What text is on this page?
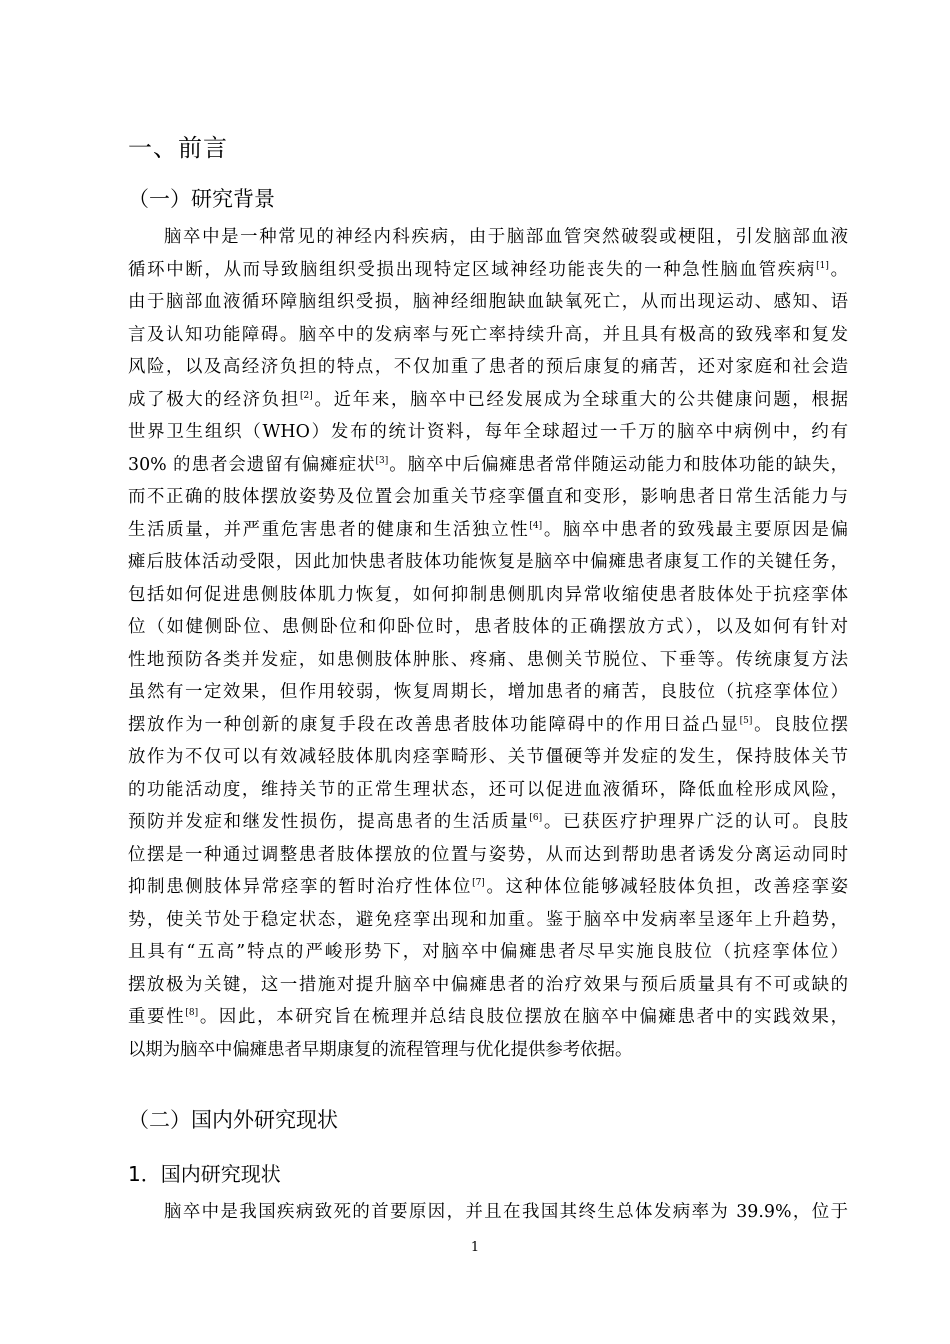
一、前言
（一）研究背景
脑卒中是一种常见的神经内科疾病，由于脑部血管突然破裂或梗阻，引发脑部血液
循环中断，从而导致脑组织受损出现特定区域神经功能丧失的一种急性脑血管疾病[1]。
由于脑部血液循环障脑组织受损，脑神经细胞缺血缺氧死亡，从而出现运动、感知、语
言及认知功能障碍。脑卒中的发病率与死亡率持续升高，并且具有极高的致残率和复发
风险，以及高经济负担的特点，不仅加重了患者的预后康复的痛苦，还对家庭和社会造
成了极大的经济负担[2]。近年来，脑卒中已经发展成为全球重大的公共健康问题，根据
世界卫生组织（WHO）发布的统计资料，每年全球超过一千万的脑卒中病例中，约有
30% 的患者会遗留有偏瘫症状[3]。脑卒中后偏瘫患者常伴随运动能力和肢体功能的缺失，
而不正确的肢体摆放姿势及位置会加重关节痉挛僵直和变形，影响患者日常生活能力与
生活质量，并严重危害患者的健康和生活独立性[4]。脑卒中患者的致残最主要原因是偏
瘫后肢体活动受限，因此加快患者肢体功能恢复是脑卒中偏瘫患者康复工作的关键任务，
包括如何促进患侧肢体肌力恢复，如何抑制患侧肌肉异常收缩使患者肢体处于抗痉挛体
位（如健侧卧位、患侧卧位和仰卧位时，患者肢体的正确摆放方式），以及如何有针对
性地预防各类并发症，如患侧肢体肿胀、疼痛、患侧关节脱位、下垂等。传统康复方法
虽然有一定效果，但作用较弱，恢复周期长，增加患者的痛苦，良肢位（抗痉挛体位）
摆放作为一种创新的康复手段在改善患者肢体功能障碍中的作用日益凸显[5]。良肢位摆
放作为不仅可以有效减轻肢体肌肉痉挛畸形、关节僵硬等并发症的发生，保持肢体关节
的功能活动度，维持关节的正常生理状态，还可以促进血液循环，降低血栓形成风险，
预防并发症和继发性损伤，提高患者的生活质量[6]。已获医疗护理界广泛的认可。良肢
位摆是一种通过调整患者肢体摆放的位置与姿势，从而达到帮助患者诱发分离运动同时
抑制患侧肢体异常痉挛的暂时治疗性体位[7]。这种体位能够减轻肢体负担，改善痉挛姿
势，使关节处于稳定状态，避免痉挛出现和加重。鉴于脑卒中发病率呈逐年上升趋势，
且具有“五高”特点的严峻形势下，对脑卒中偏瘫患者尽早实施良肢位（抗痉挛体位）
摆放极为关键，这一措施对提升脑卒中偏瘫患者的治疗效果与预后质量具有不可或缺的
重要性[8]。因此，本研究旨在梳理并总结良肢位摆放在脑卒中偏瘫患者中的实践效果，
以期为脑卒中偏瘫患者早期康复的流程管理与优化提供参考依据。
（二）国内外研究现状
1．国内研究现状
脑卒中是我国疾病致死的首要原因，并且在我国其终生总体发病率为 39.9%，位于
1
